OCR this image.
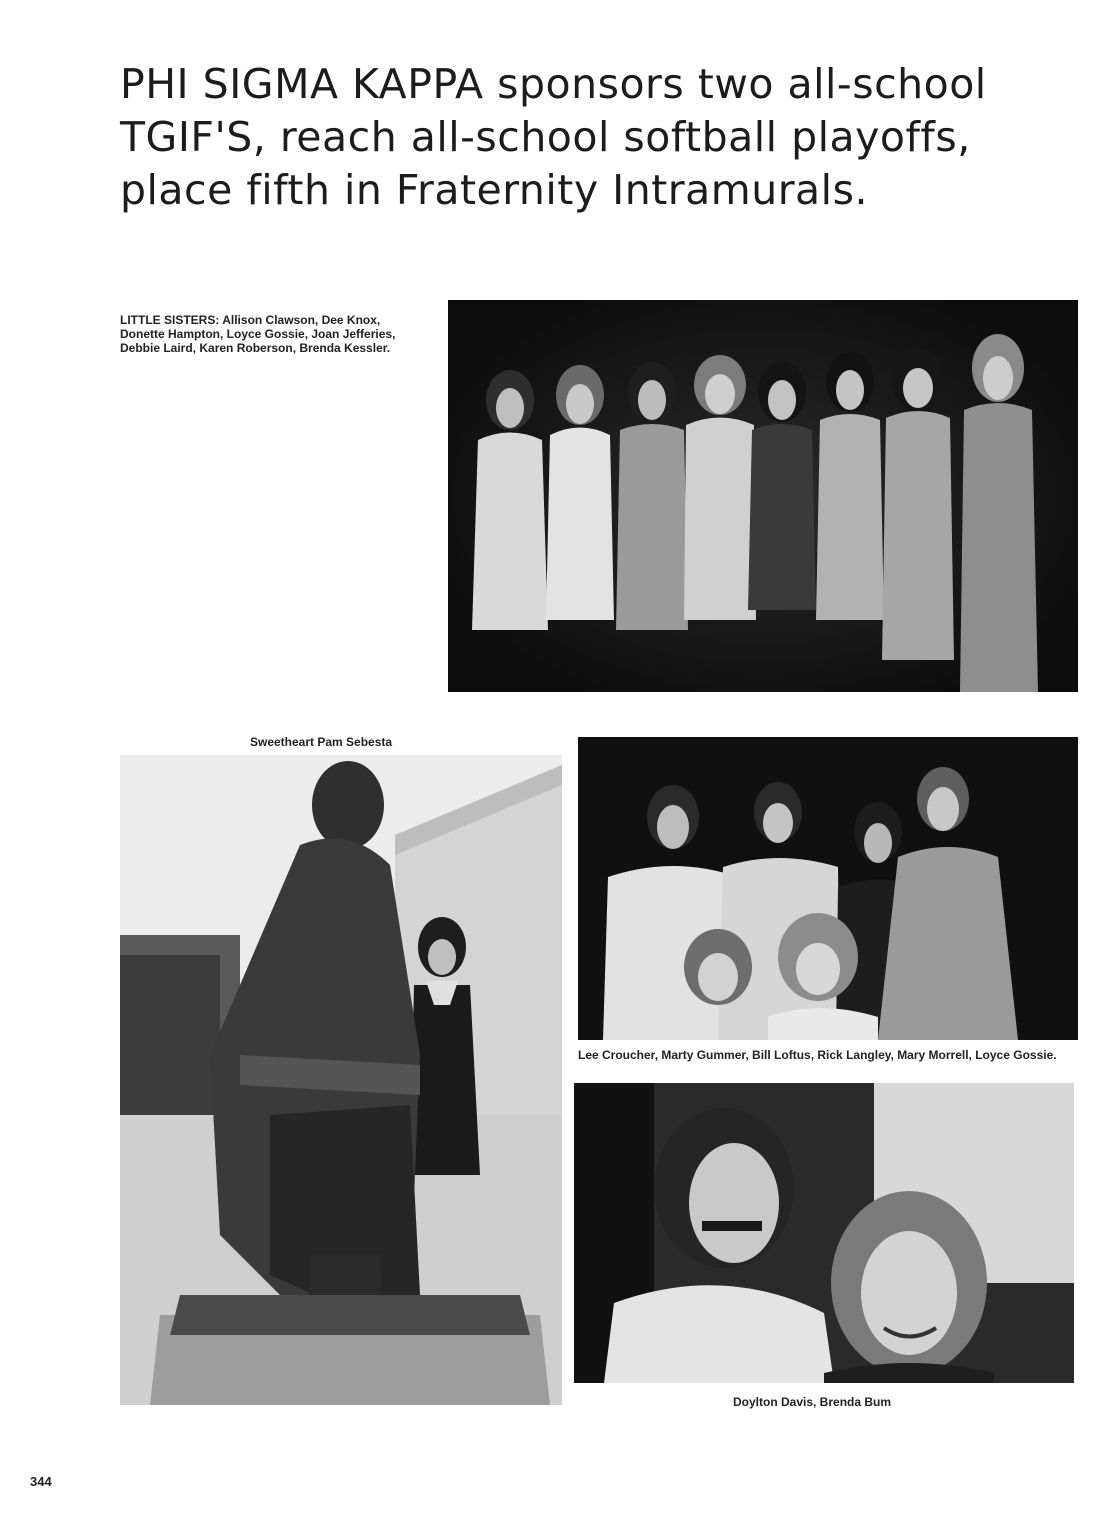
PHI SIGMA KAPPA sponsors two all-school TGIF'S, reach all-school softball playoffs, place fifth in Fraternity Intramurals.
LITTLE SISTERS: Allison Clawson, Dee Knox, Donette Hampton, Loyce Gossie, Joan Jefferies, Debbie Laird, Karen Roberson, Brenda Kessler.
Sweetheart Pam Sebesta
Lee Croucher, Marty Gummer, Bill Loftus, Rick Langley, Mary Morrell, Loyce Gossie.
Doylton Davis, Brenda Bum
344
